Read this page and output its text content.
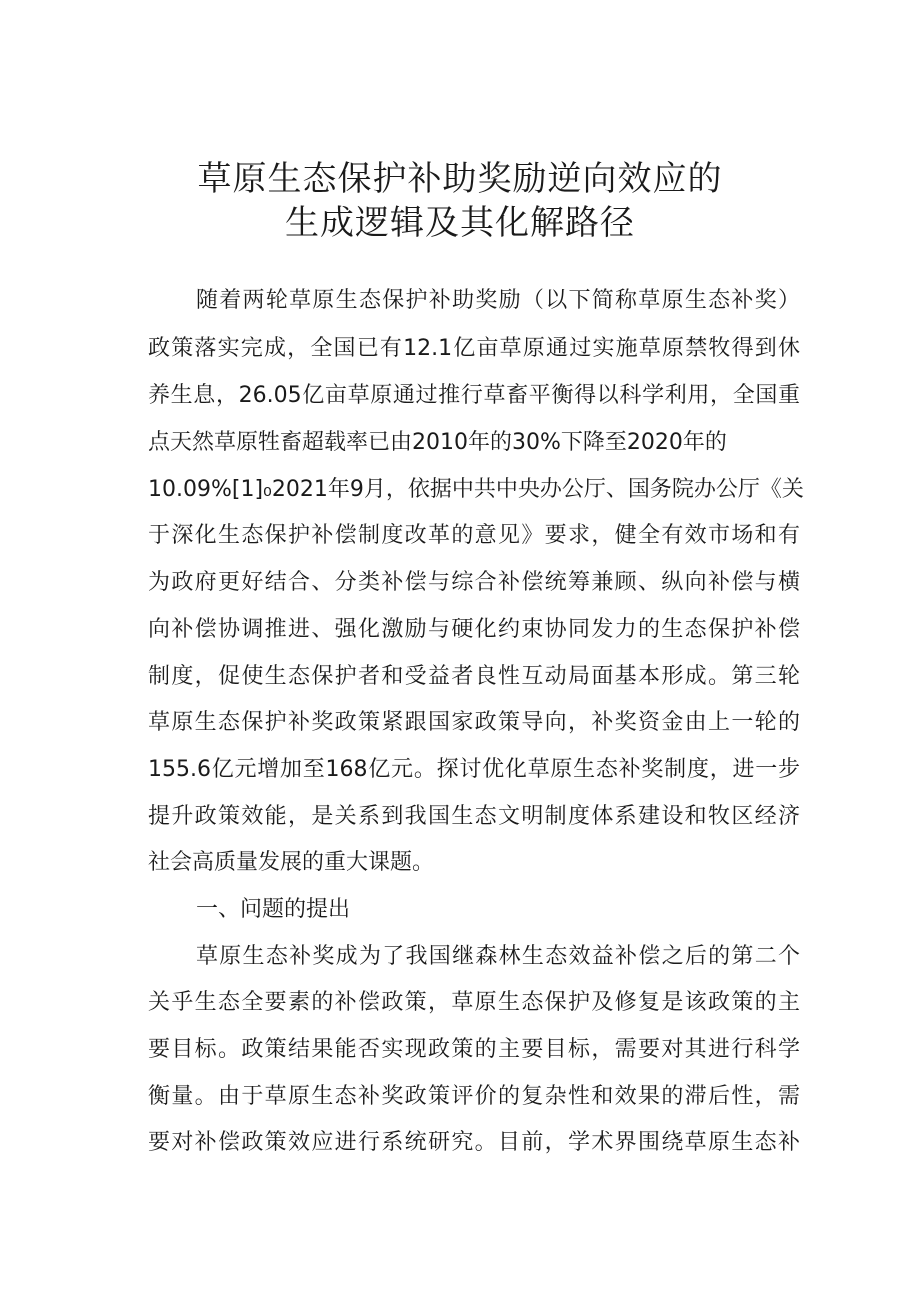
草原生态保护补助奖励逆向效应的
生成逻辑及其化解路径
随着两轮草原生态保护补助奖励（以下简称草原生态补奖）
政策落实完成，全国已有12.1亿亩草原通过实施草原禁牧得到休
养生息，26.05亿亩草原通过推行草畜平衡得以科学利用，全国重
点天然草原牲畜超载率已由2010年的30%下降至2020年的
10.09%[1]₀2021年9月，依据中共中央办公厅、国务院办公厅《关
于深化生态保护补偿制度改革的意见》要求，健全有效市场和有
为政府更好结合、分类补偿与综合补偿统筹兼顾、纵向补偿与横
向补偿协调推进、强化激励与硬化约束协同发力的生态保护补偿
制度，促使生态保护者和受益者良性互动局面基本形成。第三轮
草原生态保护补奖政策紧跟国家政策导向，补奖资金由上一轮的
155.6亿元增加至168亿元。探讨优化草原生态补奖制度，进一步
提升政策效能，是关系到我国生态文明制度体系建设和牧区经济
社会高质量发展的重大课题。
一、问题的提出
草原生态补奖成为了我国继森林生态效益补偿之后的第二个
关乎生态全要素的补偿政策，草原生态保护及修复是该政策的主
要目标。政策结果能否实现政策的主要目标，需要对其进行科学
衡量。由于草原生态补奖政策评价的复杂性和效果的滞后性，需
要对补偿政策效应进行系统研究。目前，学术界围绕草原生态补
